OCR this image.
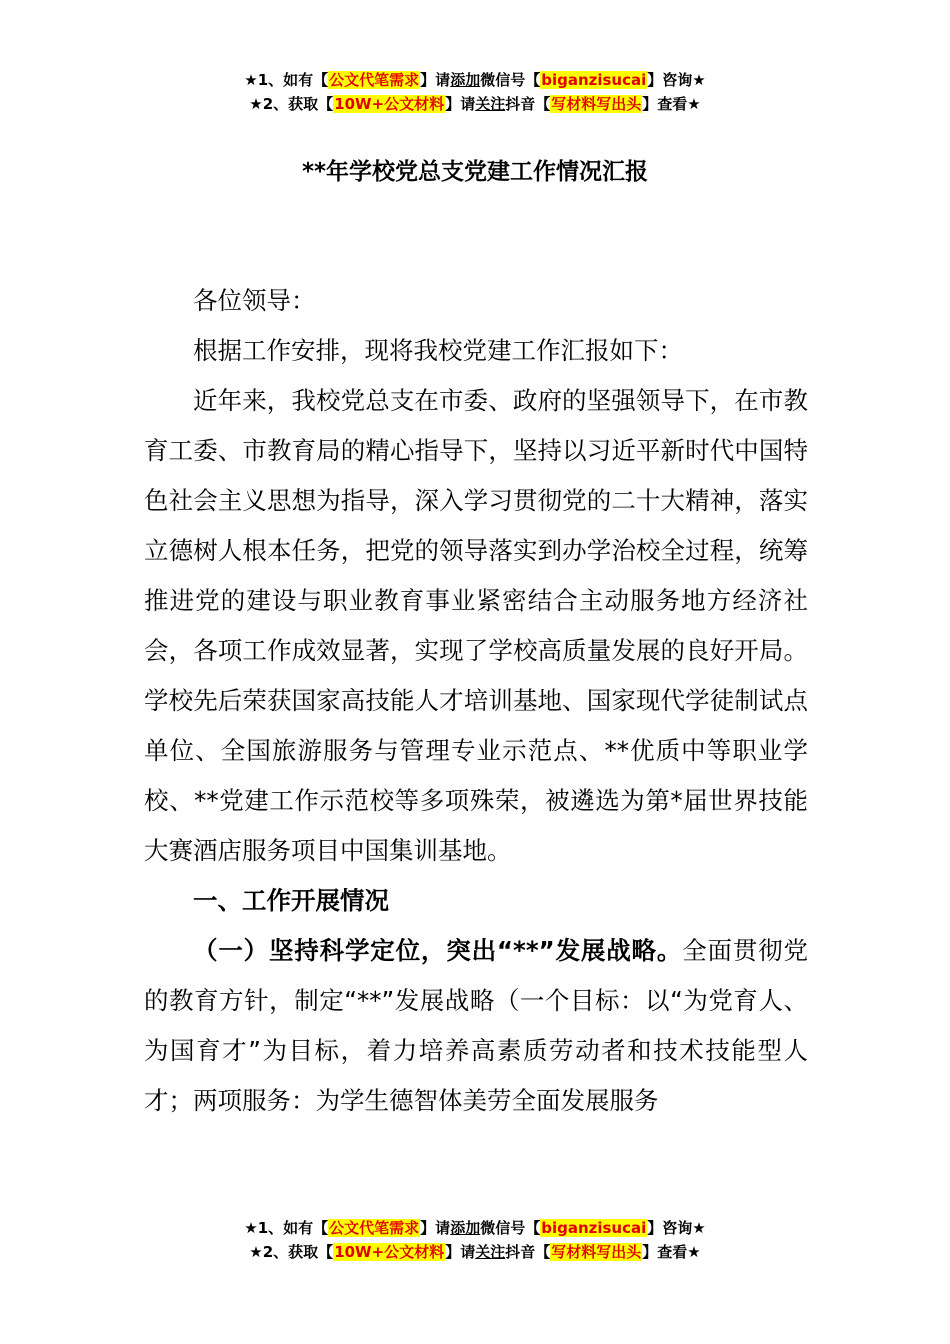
★1、如有【公文代笔需求】请添加微信号【biganzisucai】咨询★
★2、获取【10W+公文材料】请关注抖音【写材料写出头】查看★
**年学校党总支党建工作情况汇报

各位领导：

根据工作安排，现将我校党建工作汇报如下：

近年来，我校党总支在市委、政府的坚强领导下，在市教育工委、市教育局的精心指导下，坚持以习近平新时代中国特色社会主义思想为指导，深入学习贯彻党的二十大精神，落实立德树人根本任务，把党的领导落实到办学治校全过程，统筹推进党的建设与职业教育事业紧密结合主动服务地方经济社会，各项工作成效显著，实现了学校高质量发展的良好开局。学校先后荣获国家高技能人才培训基地、国家现代学徒制试点单位、全国旅游服务与管理专业示范点、**优质中等职业学校、**党建工作示范校等多项殊荣，被遴选为第*届世界技能大赛酒店服务项目中国集训基地。

一、工作开展情况

（一）坚持科学定位，突出“**”发展战略。全面贯彻党的教育方针，制定“**”发展战略（一个目标：以“为党育人、为国育才”为目标，着力培养高素质劳动者和技术技能型人才；两项服务：为学生德智体美劳全面发展服务

★1、如有【公文代笔需求】请添加微信号【biganzisucai】咨询★
★2、获取【10W+公文材料】请关注抖音【写材料写出头】查看★
